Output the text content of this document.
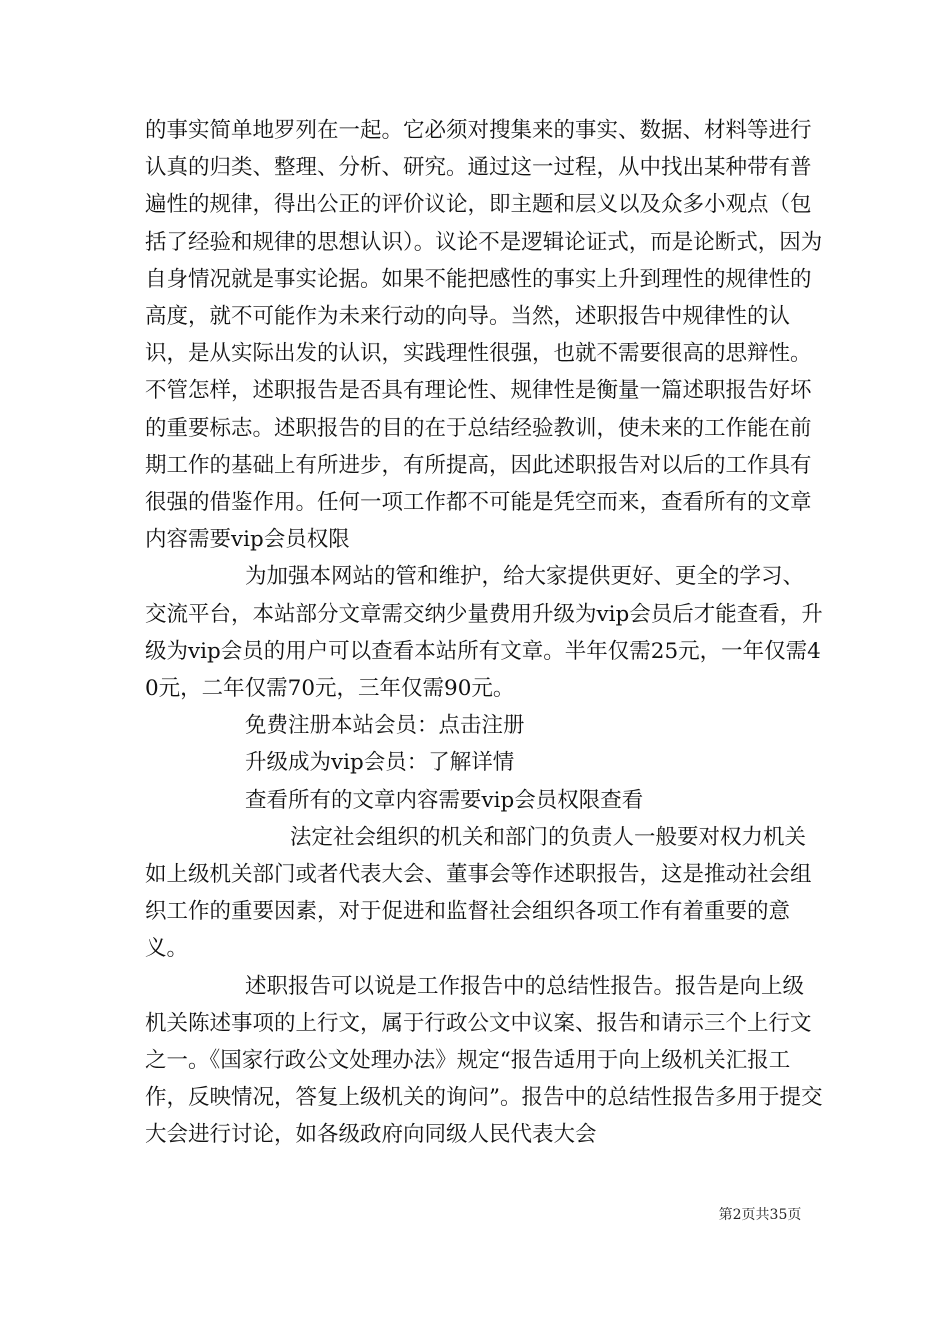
的事实简单地罗列在一起。它必须对搜集来的事实、数据、材料等进行认真的归类、整理、分析、研究。通过这一过程，从中找出某种带有普遍性的规律，得出公正的评价议论，即主题和层义以及众多小观点（包括了经验和规律的思想认识）。议论不是逻辑论证式，而是论断式，因为自身情况就是事实论据。如果不能把感性的事实上升到理性的规律性的高度，就不可能作为未来行动的向导。当然，述职报告中规律性的认识，是从实际出发的认识，实践理性很强，也就不需要很高的思辩性。不管怎样，述职报告是否具有理论性、规律性是衡量一篇述职报告好坏的重要标志。述职报告的目的在于总结经验教训，使未来的工作能在前期工作的基础上有所进步，有所提高，因此述职报告对以后的工作具有很强的借鉴作用。任何一项工作都不可能是凭空而来，查看所有的文章内容需要vip会员权限

为加强本网站的管和维护，给大家提供更好、更全的学习、交流平台，本站部分文章需交纳少量费用升级为vip会员后才能查看，升级为vip会员的用户可以查看本站所有文章。半年仅需25元，一年仅需40元，二年仅需70元，三年仅需90元。

免费注册本站会员：点击注册

升级成为vip会员：了解详情

查看所有的文章内容需要vip会员权限查看

法定社会组织的机关和部门的负责人一般要对权力机关如上级机关部门或者代表大会、董事会等作述职报告，这是推动社会组织工作的重要因素，对于促进和监督社会组织各项工作有着重要的意义。

述职报告可以说是工作报告中的总结性报告。报告是向上级机关陈述事项的上行文，属于行政公文中议案、报告和请示三个上行文之一。《国家行政公文处理办法》规定“报告适用于向上级机关汇报工作，反映情况，答复上级机关的询问”。报告中的总结性报告多用于提交大会进行讨论，如各级政府向同级人民代表大会

第2页共35页
